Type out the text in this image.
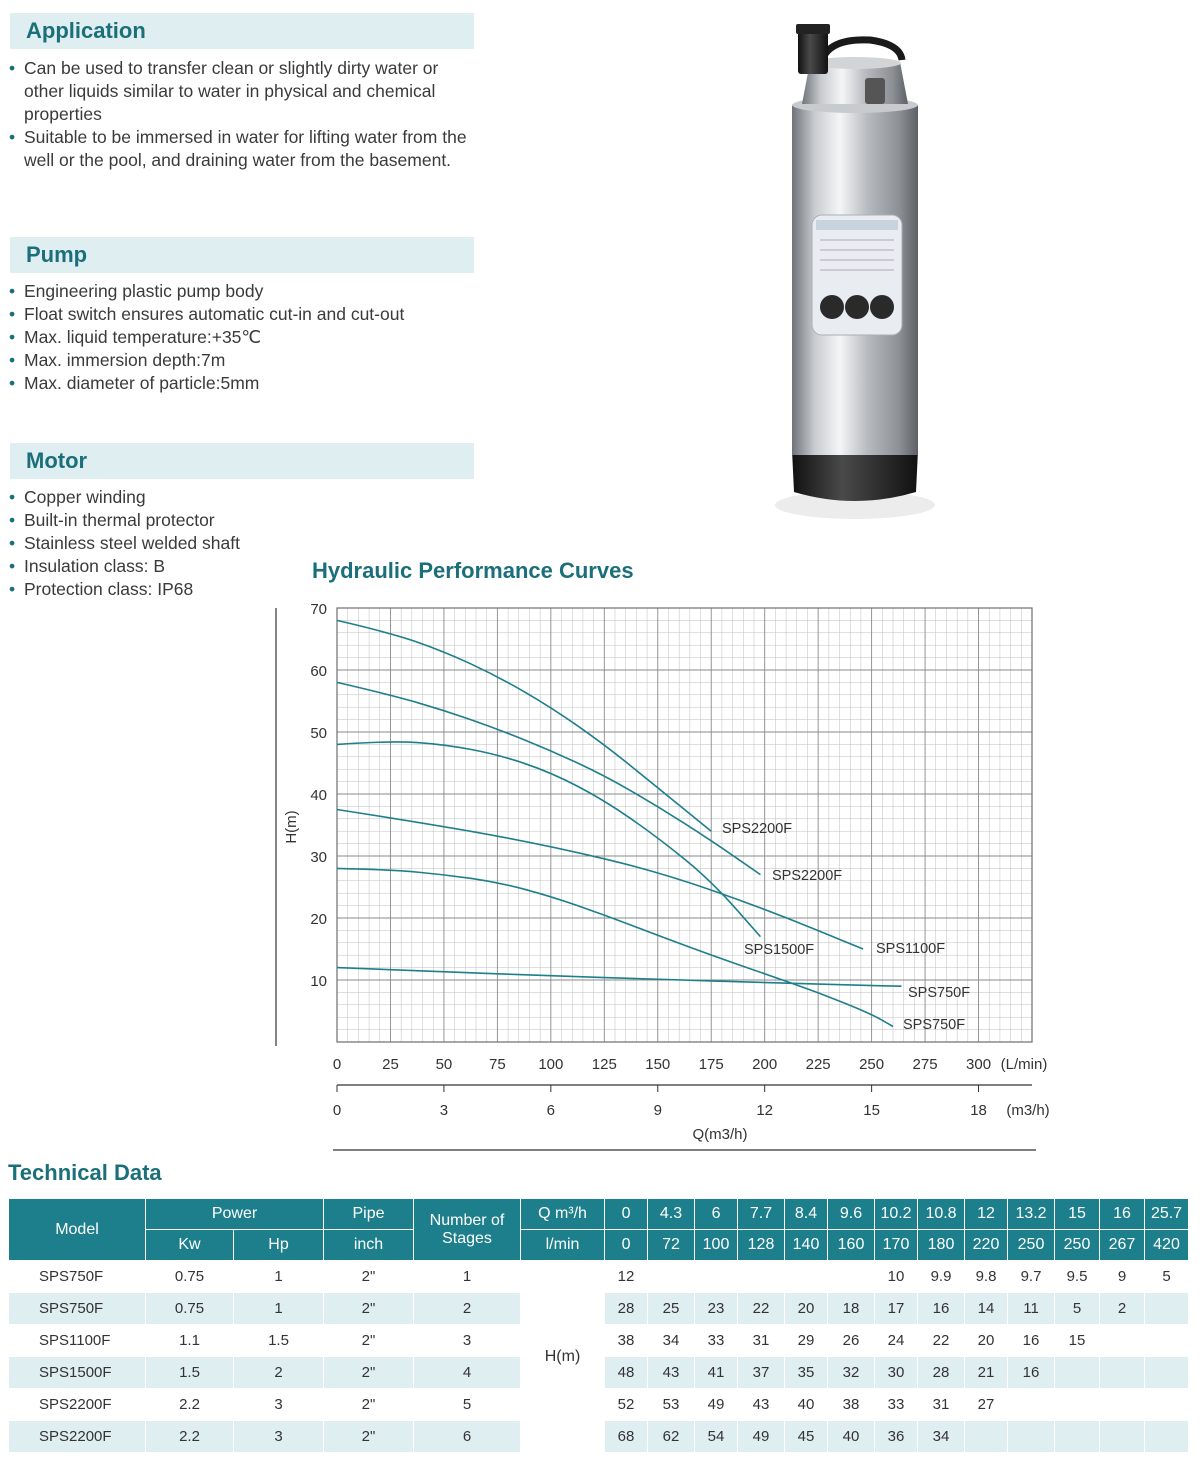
Application
• Can be used to transfer clean or slightly dirty water or other liquids similar to water in physical and chemical properties
• Suitable to be immersed in water for lifting water from the well or the pool, and draining water from the basement.
Pump
• Engineering plastic pump body
• Float switch ensures automatic cut-in and cut-out
• Max. liquid temperature:+35℃
• Max. immersion depth:7m
• Max. diameter of particle:5mm
Motor
• Copper winding
• Built-in thermal protector
• Stainless steel welded shaft
• Insulation class: B
• Protection class: IP68
Hydraulic Performance Curves
10
20
30
40
50
60
70
0	25 50 75 100 125 150 175 200 225 250 275 300 (L/min)
0	3	6	9	12	15	18 (m3/h)
SPS2200F
SPS2200F
SPS1500F	SPS1100F
SPS750F
SPS750F
H(m)
Q(m3/h)
Technical Data
Model	Power		Pipe	Number of
Stages	Q m³/h	0	4.3	6	7.7	8.4	9.6	10.2	10.8	12	13.2	15	16	25.7
	Kw	Hp	inch		l/min	0	72	100	128	140	160	170	180	220	250	250	267	420
SPS750F	0.75	1	2"	1	H(m)	12						10	9.9	9.8	9.7	9.5	9	5
SPS750F	0.75	1	2"	2		28	25	23	22	20	18	17	16	14	11	5	2	
SPS1100F	1.1	1.5	2"	3		38	34	33	31	29	26	24	22	20	16	15		
SPS1500F	1.5	2	2"	4		48	43	41	37	35	32	30	28	21	16			
SPS2200F	2.2	3	2"	5		52	53	49	43	40	38	33	31	27				
SPS2200F	2.2	3	2"	6		68	62	54	49	45	40	36	34					
